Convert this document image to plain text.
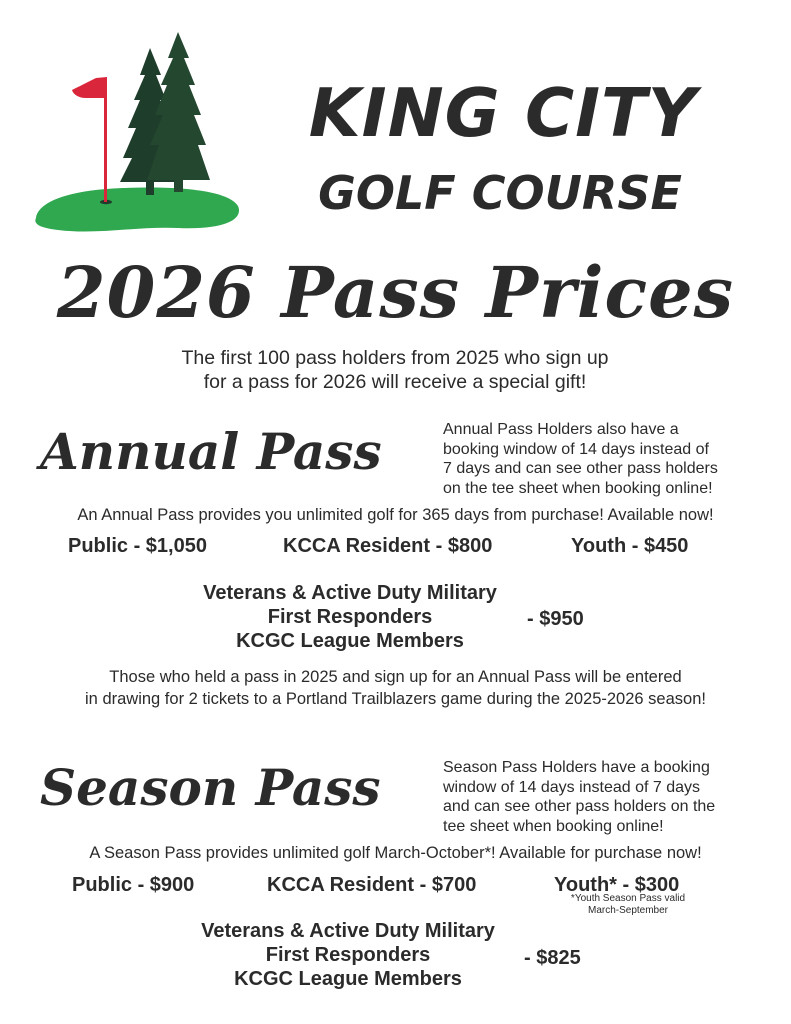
KING CITY
GOLF COURSE
2026 Pass Prices
The first 100 pass holders from 2025 who sign up
for a pass for 2026 will receive a special gift!
Annual Pass	Annual Pass Holders also have a
booking window of 14 days instead of
7 days and can see other pass holders
on the tee sheet when booking online!
An Annual Pass provides you unlimited golf for 365 days from purchase! Available now!
Public - $1,050	KCCA Resident - $800	Youth - $450
Veterans & Active Duty Military
First Responders
KCGC League Members
- $950
Those who held a pass in 2025 and sign up for an Annual Pass will be entered
in drawing for 2 tickets to a Portland Trailblazers game during the 2025-2026 season!
Season Pass	Season Pass Holders have a booking
window of 14 days instead of 7 days
and can see other pass holders on the
tee sheet when booking online!
A Season Pass provides unlimited golf March-October*! Available for purchase now!
Public - $900	KCCA Resident - $700	Youth* - $300
*Youth Season Pass valid
March-September
Veterans & Active Duty Military
First Responders
KCGC League Members
- $825
